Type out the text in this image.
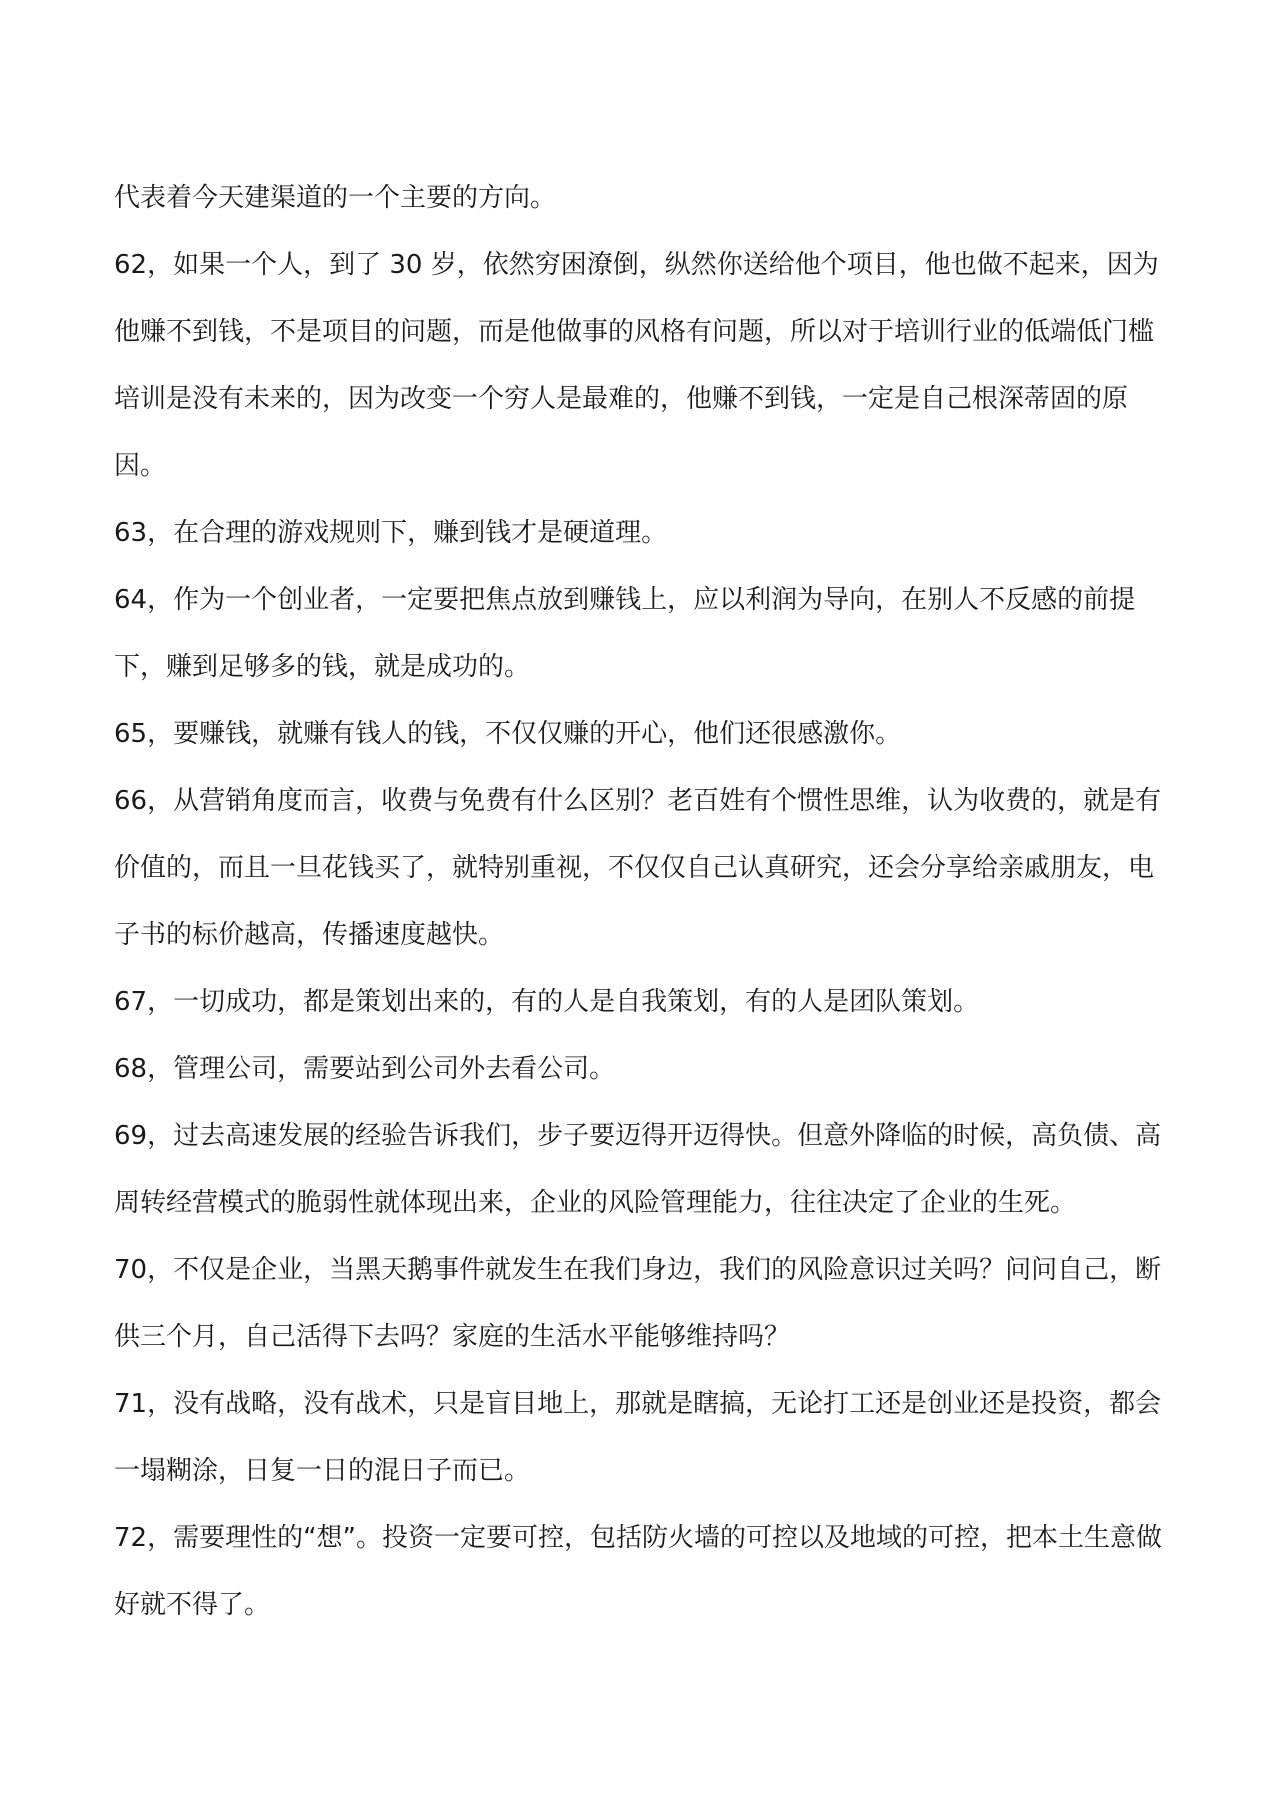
代表着今天建渠道的一个主要的方向。

62，如果一个人，到了 30 岁，依然穷困潦倒，纵然你送给他个项目，他也做不起来，因为他赚不到钱，不是项目的问题，而是他做事的风格有问题，所以对于培训行业的低端低门槛培训是没有未来的，因为改变一个穷人是最难的，他赚不到钱，一定是自己根深蒂固的原因。

63，在合理的游戏规则下，赚到钱才是硬道理。

64，作为一个创业者，一定要把焦点放到赚钱上，应以利润为导向，在别人不反感的前提下，赚到足够多的钱，就是成功的。

65，要赚钱，就赚有钱人的钱，不仅仅赚的开心，他们还很感激你。

66，从营销角度而言，收费与免费有什么区别？老百姓有个惯性思维，认为收费的，就是有价值的，而且一旦花钱买了，就特别重视，不仅仅自己认真研究，还会分享给亲戚朋友，电子书的标价越高，传播速度越快。

67，一切成功，都是策划出来的，有的人是自我策划，有的人是团队策划。

68，管理公司，需要站到公司外去看公司。

69，过去高速发展的经验告诉我们，步子要迈得开迈得快。但意外降临的时候，高负债、高周转经营模式的脆弱性就体现出来，企业的风险管理能力，往往决定了企业的生死。

70，不仅是企业，当黑天鹅事件就发生在我们身边，我们的风险意识过关吗？问问自己，断供三个月，自己活得下去吗？家庭的生活水平能够维持吗？

71，没有战略，没有战术，只是盲目地上，那就是瞎搞，无论打工还是创业还是投资，都会一塌糊涂，日复一日的混日子而已。

72，需要理性的“想”。投资一定要可控，包括防火墙的可控以及地域的可控，把本土生意做好就不得了。
